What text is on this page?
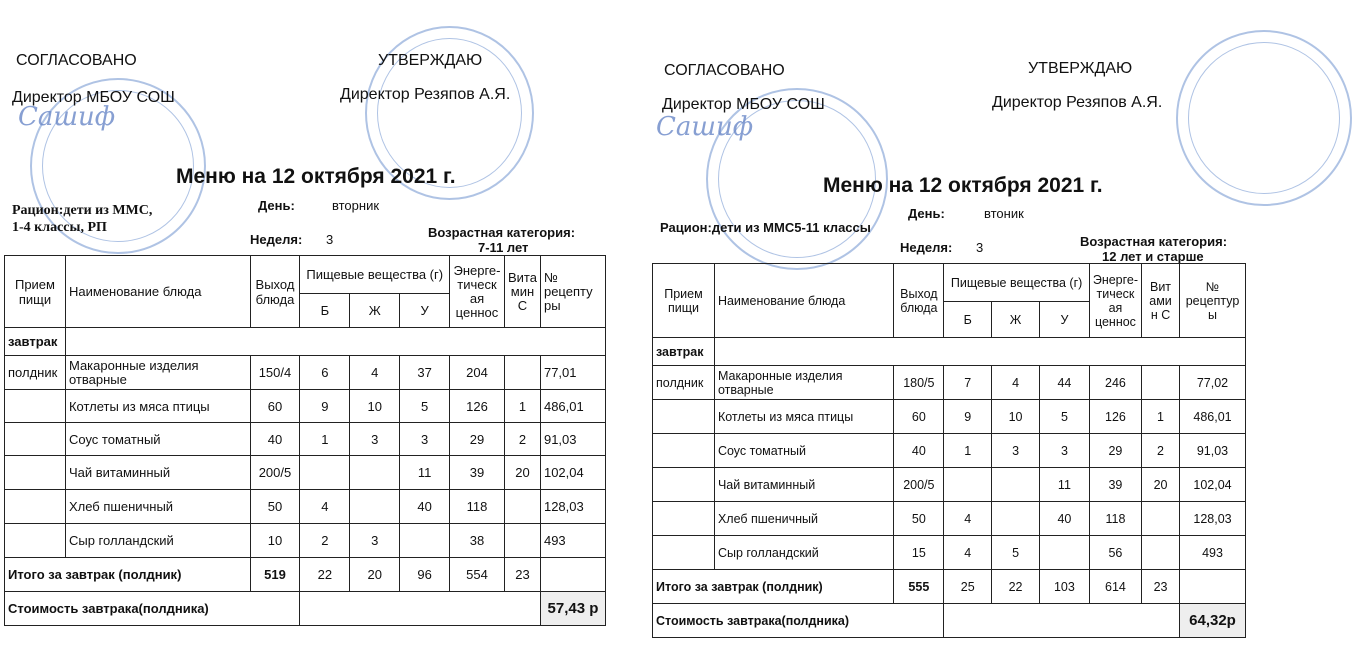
Сашиф
СОГЛАСОВАНО	УТВЕРЖДАЮ
Директор МБОУ СОШ	Директор Резяпов А.Я.
Меню на 12 октября 2021 г.
Рацион:дети из ММС,
1-4 классы, РП
День:	вторник
Неделя: 3	Возрастная категория:
7-11 лет
Прием пищи	Наименование блюда	Выход блюда	Пищевые вещества (г)			Энерге- тическ ая ценнос	Вита мин С	№ рецепту ры
			Б	Ж	У			
завтрак								
полдник	Макаронные изделия отварные	150/4	6	4	37	204		77,01
	Котлеты из мяса птицы	60	9	10	5	126	1	486,01
	Соус томатный	40	1	3	3	29	2	91,03
	Чай витаминный	200/5			11	39	20	102,04
	Хлеб пшеничный	50	4		40	118		128,03
	Сыр голландский	10	2	3		38		493
Итого за завтрак (полдник)		519	22	20	96	554	23	
Стоимость завтрака(полдника)								57,43 р
Сашиф
СОГЛАСОВАНО	УТВЕРЖДАЮ
Директор МБОУ СОШ	Директор Резяпов А.Я.
Меню на 12 октября 2021 г.
Рацион:дети из ММС5-11 классы
День:	втоник
Неделя: 3	Возрастная категория:
12 лет и старше
Прием пищи	Наименование блюда	Выход блюда	Пищевые вещества (г)			Энерге- тическ ая ценнос	Вит ами н С	№ рецептур ы
			Б	Ж	У			
завтрак								
полдник	Макаронные изделия отварные	180/5	7	4	44	246		77,02
	Котлеты из мяса птицы	60	9	10	5	126	1	486,01
	Соус томатный	40	1	3	3	29	2	91,03
	Чай витаминный	200/5			11	39	20	102,04
	Хлеб пшеничный	50	4		40	118		128,03
	Сыр голландский	15	4	5		56		493
Итого за завтрак (полдник)		555	25	22	103	614	23	
Стоимость завтрака(полдника)								64,32р
